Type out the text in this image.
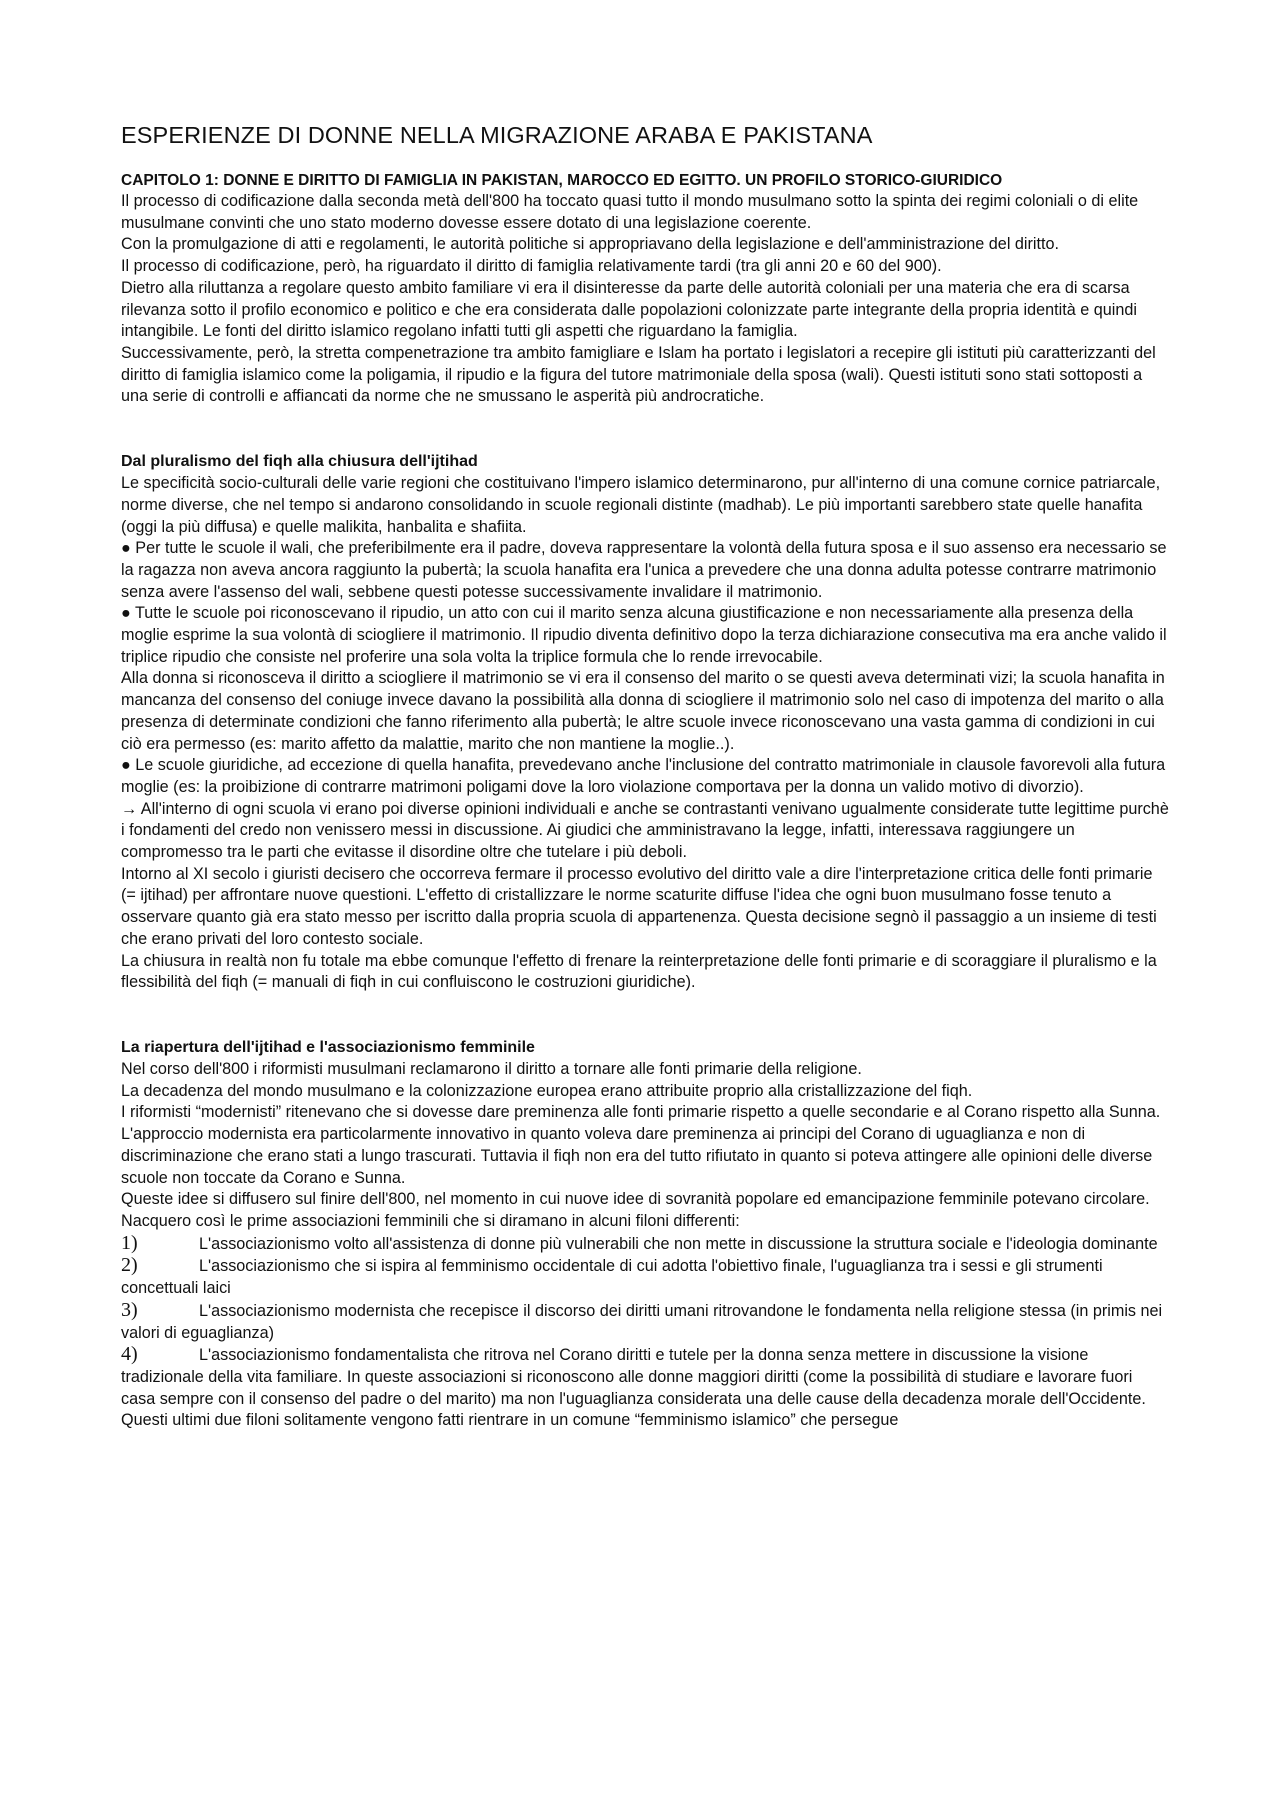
ESPERIENZE DI DONNE NELLA MIGRAZIONE ARABA E PAKISTANA
CAPITOLO 1: DONNE E DIRITTO DI FAMIGLIA IN PAKISTAN, MAROCCO ED EGITTO. UN PROFILO STORICO-GIURIDICO

Il processo di codificazione dalla seconda metà dell'800 ha toccato quasi tutto il mondo musulmano sotto la spinta dei regimi coloniali o di elite musulmane convinti che uno stato moderno dovesse essere dotato di una legislazione coerente.

Con la promulgazione di atti e regolamenti, le autorità politiche si appropriavano della legislazione e dell'amministrazione del diritto.

Il processo di codificazione, però, ha riguardato il diritto di famiglia relativamente tardi (tra gli anni 20 e 60 del 900).

Dietro alla riluttanza a regolare questo ambito familiare vi era il disinteresse da parte delle autorità coloniali per una materia che era di scarsa rilevanza sotto il profilo economico e politico e che era considerata dalle popolazioni colonizzate parte integrante della propria identità e quindi intangibile. Le fonti del diritto islamico regolano infatti tutti gli aspetti che riguardano la famiglia.

Successivamente, però, la stretta compenetrazione tra ambito famigliare e Islam ha portato i legislatori a recepire gli istituti più caratterizzanti del diritto di famiglia islamico come la poligamia, il ripudio e la figura del tutore matrimoniale della sposa (wali). Questi istituti sono stati sottoposti a una serie di controlli e affiancati da norme che ne smussano le asperità più androcratiche.

Dal pluralismo del fiqh alla chiusura dell'ijtihad

Le specificità socio-culturali delle varie regioni che costituivano l'impero islamico determinarono, pur all'interno di una comune cornice patriarcale, norme diverse, che nel tempo si andarono consolidando in scuole regionali distinte (madhab). Le più importanti sarebbero state quelle hanafita (oggi la più diffusa) e quelle malikita, hanbalita e shafiita.

● Per tutte le scuole il wali, che preferibilmente era il padre, doveva rappresentare la volontà della futura sposa e il suo assenso era necessario se la ragazza non aveva ancora raggiunto la pubertà; la scuola hanafita era l'unica a prevedere che una donna adulta potesse contrarre matrimonio senza avere l'assenso del wali, sebbene questi potesse successivamente invalidare il matrimonio.

● Tutte le scuole poi riconoscevano il ripudio, un atto con cui il marito senza alcuna giustificazione e non necessariamente alla presenza della moglie esprime la sua volontà di sciogliere il matrimonio. Il ripudio diventa definitivo dopo la terza dichiarazione consecutiva ma era anche valido il triplice ripudio che consiste nel proferire una sola volta la triplice formula che lo rende irrevocabile.

Alla donna si riconosceva il diritto a sciogliere il matrimonio se vi era il consenso del marito o se questi aveva determinati vizi; la scuola hanafita in mancanza del consenso del coniuge invece davano la possibilità alla donna di sciogliere il matrimonio solo nel caso di impotenza del marito o alla presenza di determinate condizioni che fanno riferimento alla pubertà; le altre scuole invece riconoscevano una vasta gamma di condizioni in cui ciò era permesso (es: marito affetto da malattie, marito che non mantiene la moglie..).

● Le scuole giuridiche, ad eccezione di quella hanafita, prevedevano anche l'inclusione del contratto matrimoniale in clausole favorevoli alla futura moglie (es: la proibizione di contrarre matrimoni poligami dove la loro violazione comportava per la donna un valido motivo di divorzio).

→ All'interno di ogni scuola vi erano poi diverse opinioni individuali e anche se contrastanti venivano ugualmente considerate tutte legittime purchè i fondamenti del credo non venissero messi in discussione. Ai giudici che amministravano la legge, infatti, interessava raggiungere un compromesso tra le parti che evitasse il disordine oltre che tutelare i più deboli.

Intorno al XI secolo i giuristi decisero che occorreva fermare il processo evolutivo del diritto vale a dire l'interpretazione critica delle fonti primarie (= ijtihad) per affrontare nuove questioni. L'effetto di cristallizzare le norme scaturite diffuse l'idea che ogni buon musulmano fosse tenuto a osservare quanto già era stato messo per iscritto dalla propria scuola di appartenenza. Questa decisione segnò il passaggio a un insieme di testi che erano privati del loro contesto sociale.

La chiusura in realtà non fu totale ma ebbe comunque l'effetto di frenare la reinterpretazione delle fonti primarie e di scoraggiare il pluralismo e la flessibilità del fiqh (= manuali di fiqh in cui confluiscono le costruzioni giuridiche).

La riapertura dell'ijtihad e l'associazionismo femminile

Nel corso dell'800 i riformisti musulmani reclamarono il diritto a tornare alle fonti primarie della religione.

La decadenza del mondo musulmano e la colonizzazione europea erano attribuite proprio alla cristallizzazione del fiqh.

I riformisti “modernisti” ritenevano che si dovesse dare preminenza alle fonti primarie rispetto a quelle secondarie e al Corano rispetto alla Sunna. L'approccio modernista era particolarmente innovativo in quanto voleva dare preminenza ai principi del Corano di uguaglianza e non di discriminazione che erano stati a lungo trascurati. Tuttavia il fiqh non era del tutto rifiutato in quanto si poteva attingere alle opinioni delle diverse scuole non toccate da Corano e Sunna.

Queste idee si diffusero sul finire dell'800, nel momento in cui nuove idee di sovranità popolare ed emancipazione femminile potevano circolare. Nacquero così le prime associazioni femminili che si diramano in alcuni filoni differenti:

1)	L'associazionismo volto all'assistenza di donne più vulnerabili che non mette in discussione la struttura sociale e l'ideologia dominante
2)	L'associazionismo che si ispira al femminismo occidentale di cui adotta l'obiettivo finale, l'uguaglianza tra i sessi e gli strumenti concettuali laici
3)	L'associazionismo modernista che recepisce il discorso dei diritti umani ritrovandone le fondamenta nella religione stessa (in primis nei valori di eguaglianza)
4)	L'associazionismo fondamentalista che ritrova nel Corano diritti e tutele per la donna senza mettere in discussione la visione tradizionale della vita familiare. In queste associazioni si riconoscono alle donne maggiori diritti (come la possibilità di studiare e lavorare fuori casa sempre con il consenso del padre o del marito) ma non l'uguaglianza considerata una delle cause della decadenza morale dell'Occidente.

Questi ultimi due filoni solitamente vengono fatti rientrare in un comune “femminismo islamico” che persegue
